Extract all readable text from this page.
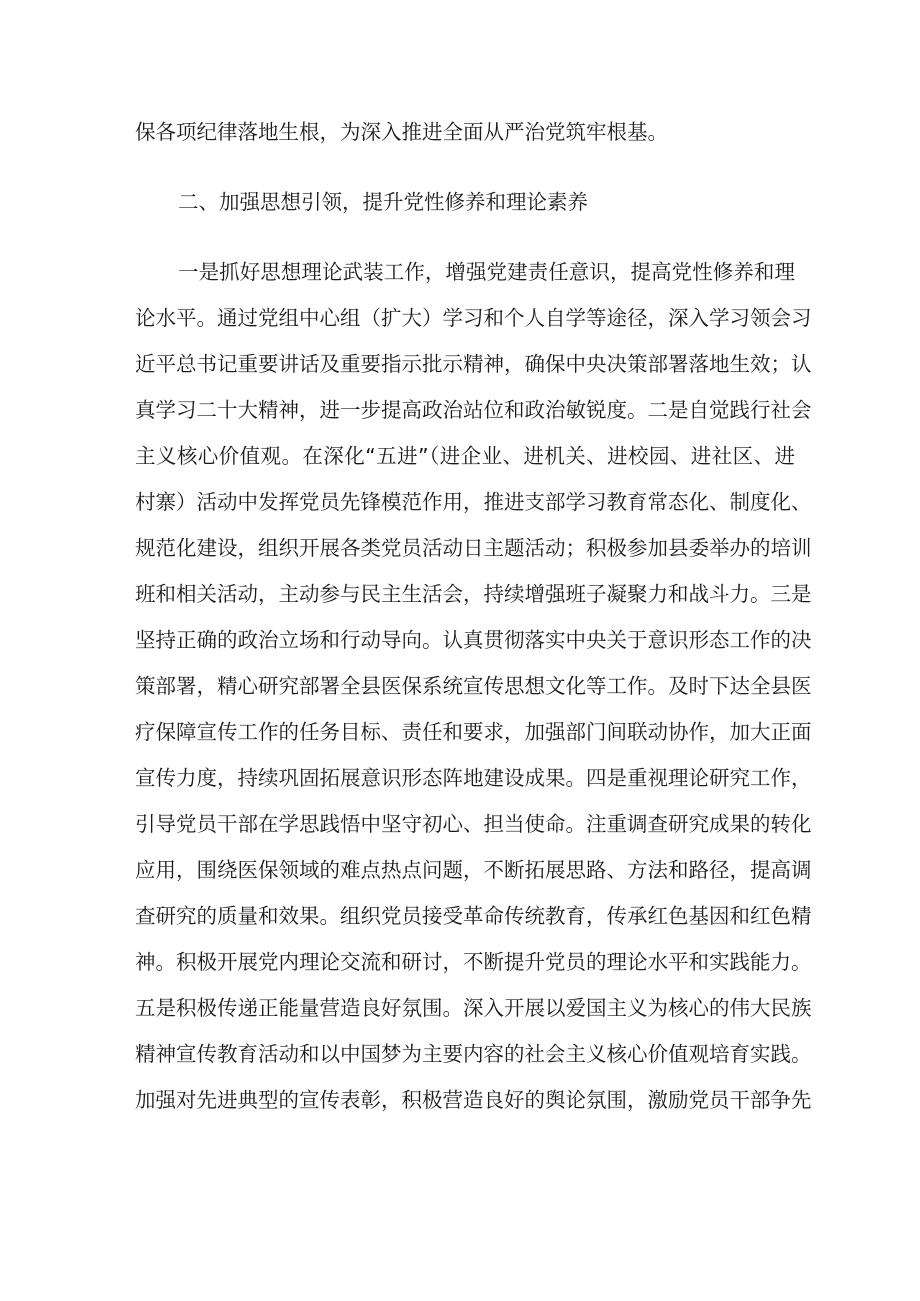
保各项纪律落地生根，为深入推进全面从严治党筑牢根基。
二、加强思想引领，提升党性修养和理论素养
一是抓好思想理论武装工作，增强党建责任意识，提高党性修养和理
论水平。通过党组中心组（扩大）学习和个人自学等途径，深入学习领会习
近平总书记重要讲话及重要指示批示精神，确保中央决策部署落地生效；认
真学习二十大精神，进一步提高政治站位和政治敏锐度。二是自觉践行社会
主义核心价值观。在深化“五进”（进企业、进机关、进校园、进社区、进
村寨）活动中发挥党员先锋模范作用，推进支部学习教育常态化、制度化、
规范化建设，组织开展各类党员活动日主题活动；积极参加县委举办的培训
班和相关活动，主动参与民主生活会，持续增强班子凝聚力和战斗力。三是
坚持正确的政治立场和行动导向。认真贯彻落实中央关于意识形态工作的决
策部署，精心研究部署全县医保系统宣传思想文化等工作。及时下达全县医
疗保障宣传工作的任务目标、责任和要求，加强部门间联动协作，加大正面
宣传力度，持续巩固拓展意识形态阵地建设成果。四是重视理论研究工作，
引导党员干部在学思践悟中坚守初心、担当使命。注重调查研究成果的转化
应用，围绕医保领域的难点热点问题，不断拓展思路、方法和路径，提高调
查研究的质量和效果。组织党员接受革命传统教育，传承红色基因和红色精
神。积极开展党内理论交流和研讨，不断提升党员的理论水平和实践能力。
五是积极传递正能量营造良好氛围。深入开展以爱国主义为核心的伟大民族
精神宣传教育活动和以中国梦为主要内容的社会主义核心价值观培育实践。
加强对先进典型的宣传表彰，积极营造良好的舆论氛围，激励党员干部争先
